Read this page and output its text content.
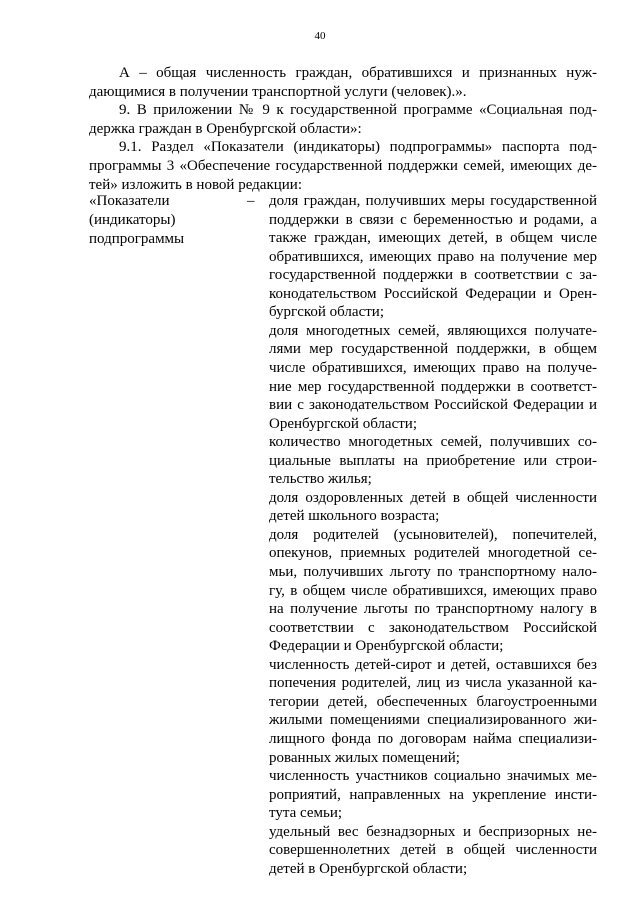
40
А – общая численность граждан, обратившихся и признанных нуж-
дающимися в получении транспортной услуги (человек).».
9. В приложении № 9 к государственной программе «Социальная под-
держка граждан в Оренбургской области»:
9.1. Раздел «Показатели (индикаторы) подпрограммы» паспорта под-
программы 3 «Обеспечение государственной поддержки семей, имеющих де-
тей» изложить в новой редакции:
«Показатели
(индикаторы)
подпрограммы
– доля граждан, получивших меры государственной
поддержки в связи с беременностью и родами, а
также граждан, имеющих детей, в общем числе
обратившихся, имеющих право на получение мер
государственной поддержки в соответствии с за-
конодательством Российской Федерации и Орен-
бургской области;
доля многодетных семей, являющихся получате-
лями мер государственной поддержки, в общем
числе обратившихся, имеющих право на получе-
ние мер государственной поддержки в соответст-
вии с законодательством Российской Федерации и
Оренбургской области;
количество многодетных семей, получивших со-
циальные выплаты на приобретение или строи-
тельство жилья;
доля оздоровленных детей в общей численности
детей школьного возраста;
доля родителей (усыновителей), попечителей,
опекунов, приемных родителей многодетной се-
мьи, получивших льготу по транспортному нало-
гу, в общем числе обратившихся, имеющих право
на получение льготы по транспортному налогу в
соответствии с законодательством Российской
Федерации и Оренбургской области;
численность детей-сирот и детей, оставшихся без
попечения родителей, лиц из числа указанной ка-
тегории детей, обеспеченных благоустроенными
жилыми помещениями специализированного жи-
лищного фонда по договорам найма специализи-
рованных жилых помещений;
численность участников социально значимых ме-
роприятий, направленных на укрепление инсти-
тута семьи;
удельный вес безнадзорных и беспризорных не-
совершеннолетних детей в общей численности
детей в Оренбургской области;
